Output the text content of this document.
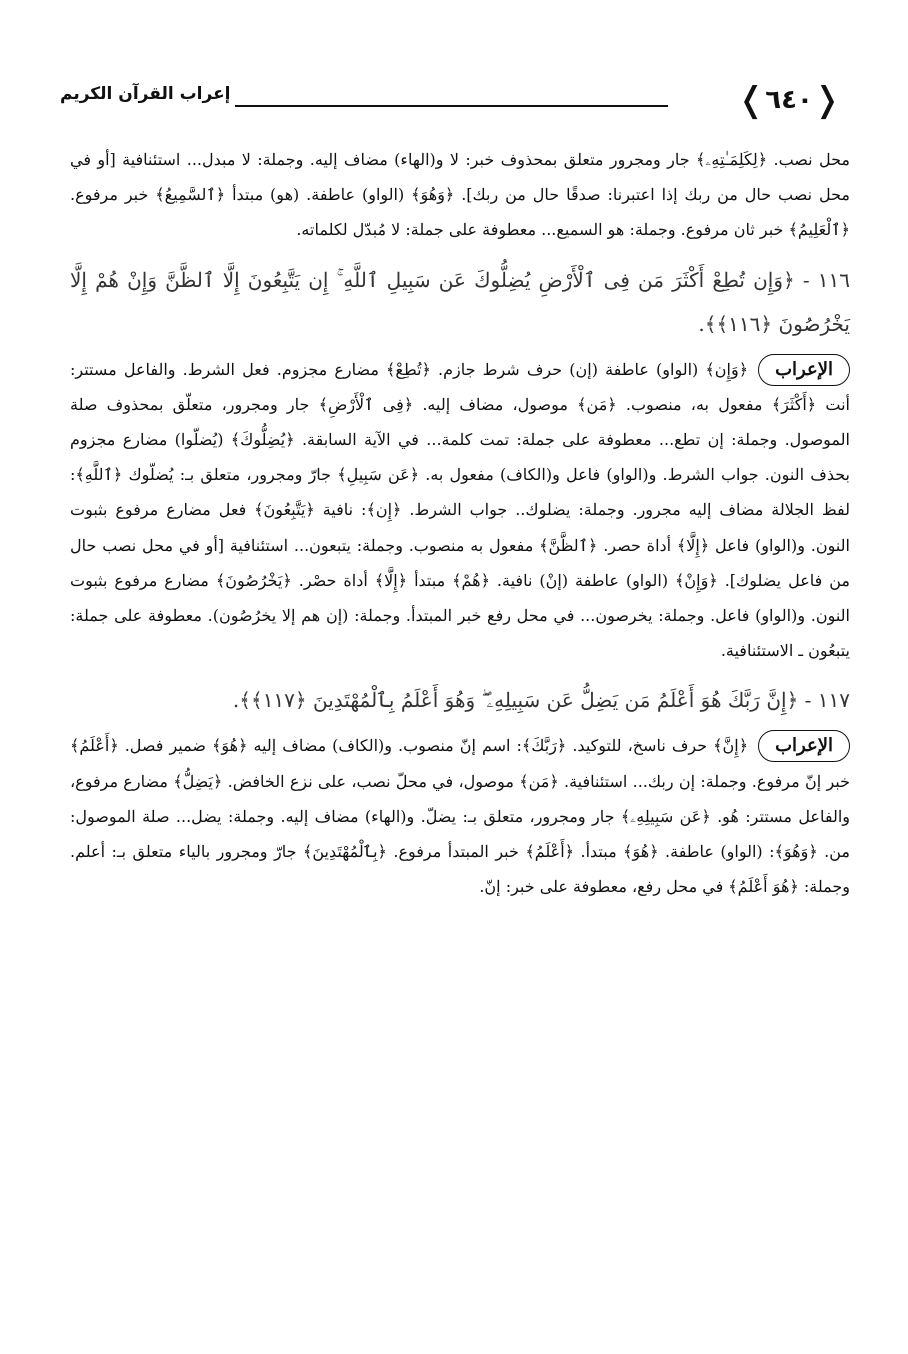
❬
٦٤٠
❭
إعراب القرآن الكريم

محل نصب. ﴿لِكَلِمَـٰتِهِۦ﴾ جار ومجرور متعلق بمحذوف خبر: لا و(الهاء) مضاف إليه. وجملة: لا مبدل... استئنافية [أو في محل نصب حال من ربك إذا اعتبرنا: صدقًا حال من ربك]. ﴿وَهُوَ﴾ (الواو) عاطفة. (هو) مبتدأ ﴿ٱلسَّمِيعُ﴾ خبر مرفوع. ﴿ٱلْعَلِيمُ﴾ خبر ثان مرفوع. وجملة: هو السميع... معطوفة على جملة: لا مُبدّل لكلماته.

١١٦ - ﴿وَإِن تُطِعْ أَكْثَرَ مَن فِى ٱلْأَرْضِ يُضِلُّوكَ عَن سَبِيلِ ٱللَّهِ ۚ إِن يَتَّبِعُونَ إِلَّا ٱلظَّنَّ وَإِنْ هُمْ إِلَّا يَخْرُصُونَ ﴿١١٦﴾﴾.

الإعراب﴿وَإِن﴾ (الواو) عاطفة (إن) حرف شرط جازم. ﴿تُطِعْ﴾ مضارع مجزوم. فعل الشرط. والفاعل مستتر: أنت ﴿أَكْثَرَ﴾ مفعول به، منصوب. ﴿مَن﴾ موصول، مضاف إليه. ﴿فِى ٱلْأَرْضِ﴾ جار ومجرور، متعلّق بمحذوف صلة الموصول. وجملة: إن تطع... معطوفة على جملة: تمت كلمة... في الآية السابقة. ﴿يُضِلُّوكَ﴾ (يُضلّوا) مضارع مجزوم بحذف النون. جواب الشرط. و(الواو) فاعل و(الكاف) مفعول به. ﴿عَن سَبِيلِ﴾ جارّ ومجرور، متعلق بـ: يُضلّوك ﴿ٱللَّهِ﴾: لفظ الجلالة مضاف إليه مجرور. وجملة: يضلوك.. جواب الشرط. ﴿إِن﴾: نافية ﴿يَتَّبِعُونَ﴾ فعل مضارع مرفوع بثبوت النون. و(الواو) فاعل ﴿إِلَّا﴾ أداة حصر. ﴿ٱلظَّنَّ﴾ مفعول به منصوب. وجملة: يتبعون... استئنافية [أو في محل نصب حال من فاعل يضلوك]. ﴿وَإِنْ﴾ (الواو) عاطفة (إنْ) نافية. ﴿هُمْ﴾ مبتدأ ﴿إِلَّا﴾ أداة حصْر. ﴿يَخْرُصُونَ﴾ مضارع مرفوع بثبوت النون. و(الواو) فاعل. وجملة: يخرصون... في محل رفع خبر المبتدأ. وجملة: (إن هم إلا يخرُصُون). معطوفة على جملة: يتبعُون ـ الاستئنافية.

١١٧ - ﴿إِنَّ رَبَّكَ هُوَ أَعْلَمُ مَن يَضِلُّ عَن سَبِيلِهِۦ ۖ وَهُوَ أَعْلَمُ بِٱلْمُهْتَدِينَ ﴿١١٧﴾﴾.

الإعراب﴿إِنَّ﴾ حرف ناسخ، للتوكيد. ﴿رَبَّكَ﴾: اسم إنّ منصوب. و(الكاف) مضاف إليه ﴿هُوَ﴾ ضمير فصل. ﴿أَعْلَمُ﴾ خبر إنّ مرفوع. وجملة: إن ربك... استئنافية. ﴿مَن﴾ موصول، في محلّ نصب، على نزع الخافض. ﴿يَضِلُّ﴾ مضارع مرفوع، والفاعل مستتر: هُو. ﴿عَن سَبِيلِهِۦ﴾ جار ومجرور، متعلق بـ: يضلّ. و(الهاء) مضاف إليه. وجملة: يضل... صلة الموصول: من. ﴿وَهُوَ﴾: (الواو) عاطفة. ﴿هُوَ﴾ مبتدأ. ﴿أَعْلَمُ﴾ خبر المبتدأ مرفوع. ﴿بِٱلْمُهْتَدِينَ﴾ جارّ ومجرور بالياء متعلق بـ: أعلم. وجملة: ﴿هُوَ أَعْلَمُ﴾ في محل رفع، معطوفة على خبر: إنّ.
